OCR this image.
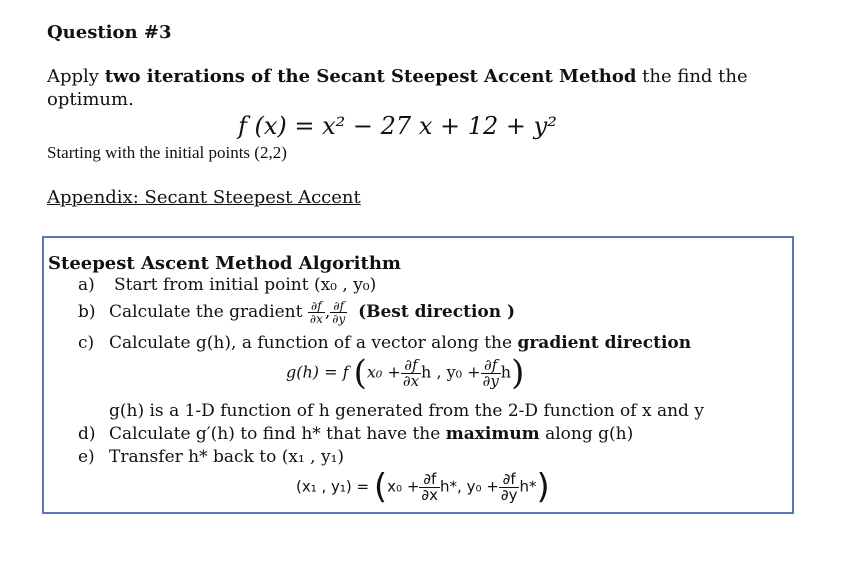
Question #3
Apply two iterations of the Secant Steepest Accent Method the find the
optimum.
f (x) = x² − 27 x + 12 + y²
Starting with the initial points (2,2)
Appendix: Secant Steepest Accent
Steepest Ascent Method Algorithm
a) Start from initial point (x₀ , y₀)
b) Calculate the gradient $\frac{\partial f}{\partial x}$ , $\frac{\partial f}{\partial y}$ (Best direction )
c) Calculate g(h), a function of a vector along the gradient direction
g(h) = f ($x_0 + \frac{\partial f}{\partial x}$ h , $y_0 + \frac{\partial f}{\partial y} h$)
g(h) is a 1-D function of h generated from the 2-D function of x and y
d) Calculate g′(h) to find h* that have the maximum along g(h)
e) Transfer h* back to (x₁ , y₁)
(x₁ , $y_1) = (x_0 + \frac{\partial f}{\partial x} h*$, $y_0 + \frac{\partial f}{\partial y} h*$)
